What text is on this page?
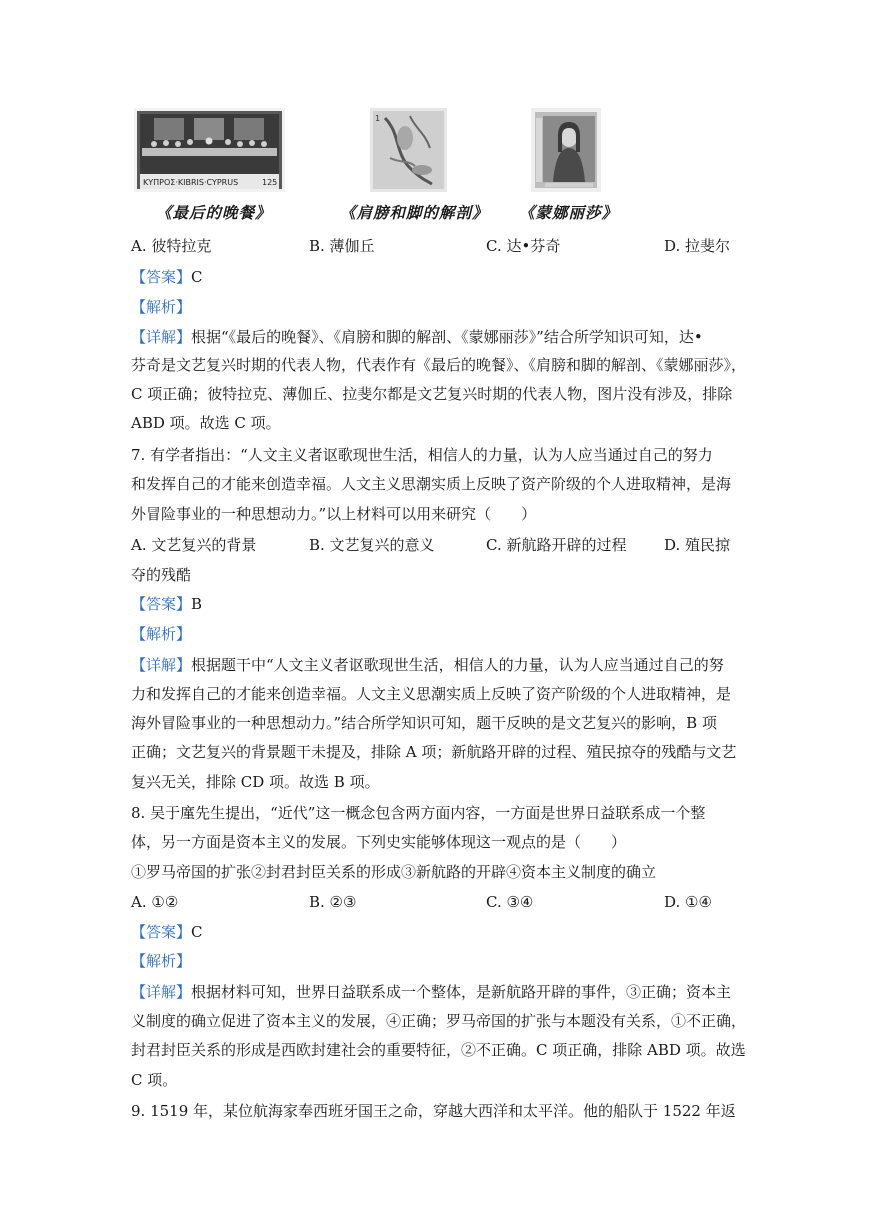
ΚΥΠΡΟΣ·KIBRIS·CYPRUS	125
1
《最后的晚餐》	《肩膀和脚的解剖》 《蒙娜丽莎》
A. 彼特拉克	B. 薄伽丘	C. 达•芬奇	D. 拉斐尔
【答案】C
【解析】
【详解】根据“《最后的晚餐》、《肩膀和脚的解剖、《蒙娜丽莎》”结合所学知识可知，达•
芬奇是文艺复兴时期的代表人物，代表作有《最后的晚餐》、《肩膀和脚的解剖、《蒙娜丽莎》，
C 项正确；彼特拉克、薄伽丘、拉斐尔都是文艺复兴时期的代表人物，图片没有涉及，排除
ABD 项。故选 C 项。
7. 有学者指出：“人文主义者讴歌现世生活，相信人的力量，认为人应当通过自己的努力
和发挥自己的才能来创造幸福。人文主义思潮实质上反映了资产阶级的个人进取精神，是海
外冒险事业的一种思想动力。”以上材料可以用来研究（　　）
A. 文艺复兴的背景	B. 文艺复兴的意义	C. 新航路开辟的过程	D. 殖民掠
夺的残酷
【答案】B
【解析】
【详解】根据题干中“人文主义者讴歌现世生活，相信人的力量，认为人应当通过自己的努
力和发挥自己的才能来创造幸福。人文主义思潮实质上反映了资产阶级的个人进取精神，是
海外冒险事业的一种思想动力。”结合所学知识可知，题干反映的是文艺复兴的影响，B 项
正确；文艺复兴的背景题干未提及，排除 A 项；新航路开辟的过程、殖民掠夺的残酷与文艺
复兴无关，排除 CD 项。故选 B 项。
8. 吴于廑先生提出，“近代”这一概念包含两方面内容，一方面是世界日益联系成一个整
体，另一方面是资本主义的发展。下列史实能够体现这一观点的是（　　）
①罗马帝国的扩张②封君封臣关系的形成③新航路的开辟④资本主义制度的确立
A. ①②	B. ②③	C. ③④	D. ①④
【答案】C
【解析】
【详解】根据材料可知，世界日益联系成一个整体，是新航路开辟的事件，③正确；资本主
义制度的确立促进了资本主义的发展，④正确；罗马帝国的扩张与本题没有关系，①不正确，
封君封臣关系的形成是西欧封建社会的重要特征，②不正确。C 项正确，排除 ABD 项。故选
C 项。
9. 1519 年，某位航海家奉西班牙国王之命，穿越大西洋和太平洋。他的船队于 1522 年返
